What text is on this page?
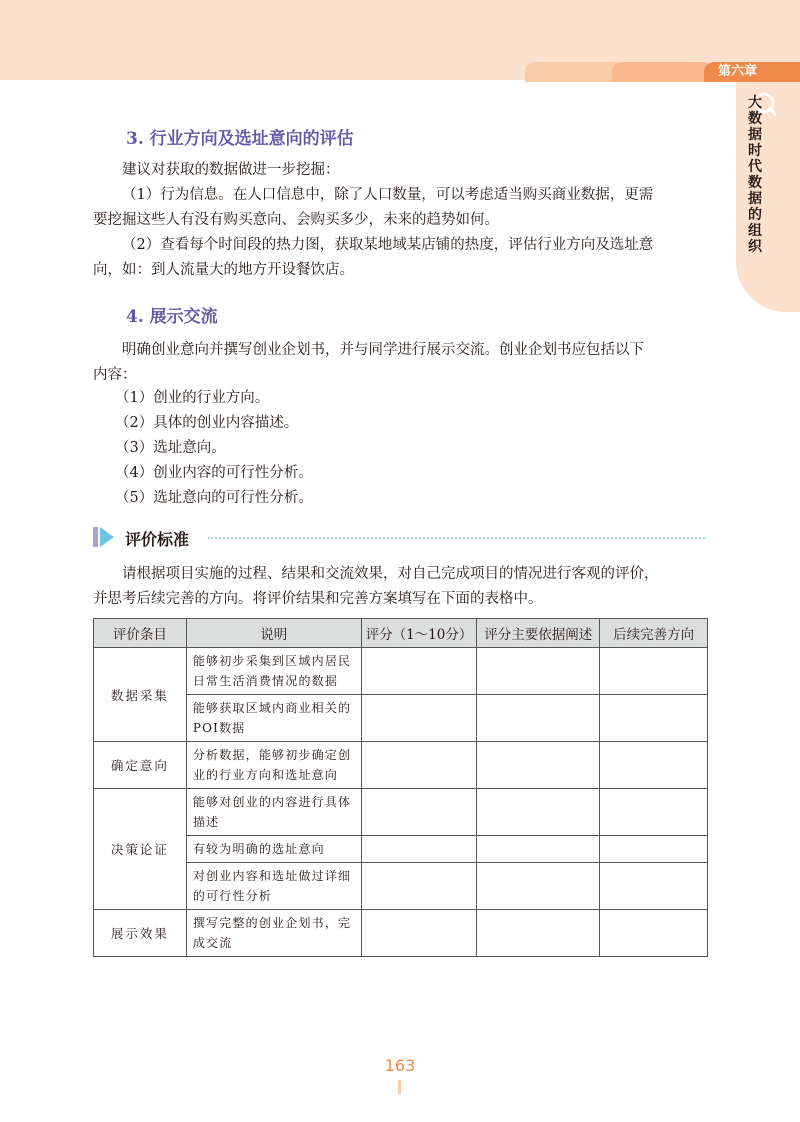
第六章
大
数
据
时
代
数
据
的
组
织
3. 行业方向及选址意向的评估
建议对获取的数据做进一步挖掘：
（1）行为信息。在人口信息中，除了人口数量，可以考虑适当购买商业数据，更需
要挖掘这些人有没有购买意向、会购买多少，未来的趋势如何。
（2）查看每个时间段的热力图，获取某地域某店铺的热度，评估行业方向及选址意
向，如：到人流量大的地方开设餐饮店。
4. 展示交流
明确创业意向并撰写创业企划书，并与同学进行展示交流。创业企划书应包括以下
内容：
（1）创业的行业方向。
（2）具体的创业内容描述。
（3）选址意向。
（4）创业内容的可行性分析。
（5）选址意向的可行性分析。
评价标准
请根据项目实施的过程、结果和交流效果，对自己完成项目的情况进行客观的评价，
并思考后续完善的方向。将评价结果和完善方案填写在下面的表格中。
评价条目	说明	评分（1～10分）	评分主要依据阐述	后续完善方向
数据采集	能够初步采集到区域内居民日常生活消费情况的数据			
	能够获取区域内商业相关的POI数据			
确定意向	分析数据，能够初步确定创业的行业方向和选址意向			
决策论证	能够对创业的内容进行具体描述			
	有较为明确的选址意向			
	对创业内容和选址做过详细的可行性分析			
展示效果	撰写完整的创业企划书，完成交流			
163
